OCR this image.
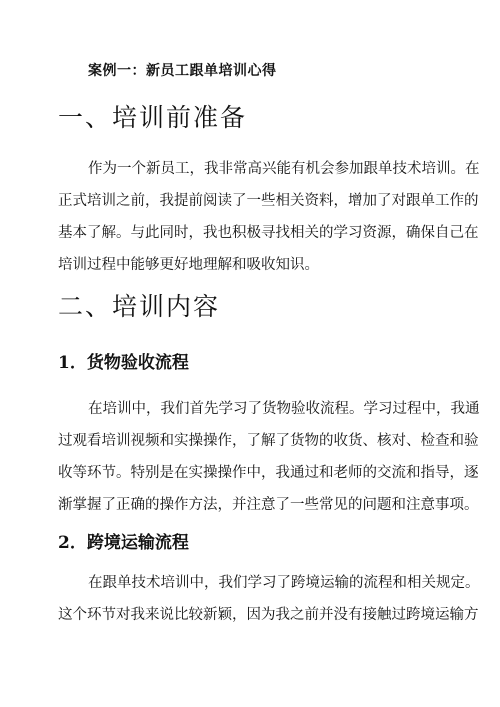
案例一：新员工跟单培训心得
一、培训前准备
作为一个新员工，我非常高兴能有机会参加跟单技术培训。在
正式培训之前，我提前阅读了一些相关资料，增加了对跟单工作的
基本了解。与此同时，我也积极寻找相关的学习资源，确保自己在
培训过程中能够更好地理解和吸收知识。
二、培训内容
1．货物验收流程
在培训中，我们首先学习了货物验收流程。学习过程中，我通
过观看培训视频和实操操作，了解了货物的收货、核对、检查和验
收等环节。特别是在实操操作中，我通过和老师的交流和指导，逐
渐掌握了正确的操作方法，并注意了一些常见的问题和注意事项。
2．跨境运输流程
在跟单技术培训中，我们学习了跨境运输的流程和相关规定。
这个环节对我来说比较新颖，因为我之前并没有接触过跨境运输方
